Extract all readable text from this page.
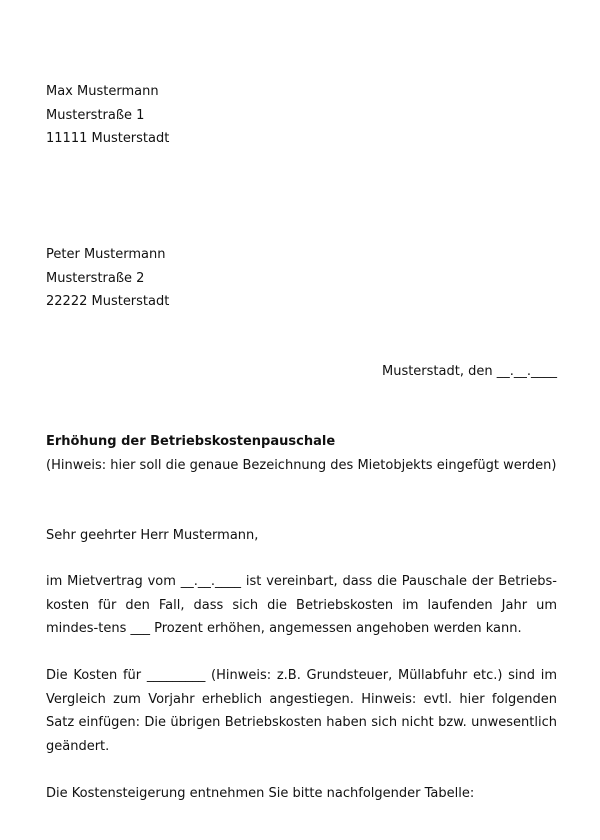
Max Mustermann
Musterstraße 1
11111 Musterstadt
Peter Mustermann
Musterstraße 2
22222 Musterstadt
Musterstadt, den __.__.____
Erhöhung der Betriebskostenpauschale
(Hinweis: hier soll die genaue Bezeichnung des Mietobjekts eingefügt werden)
Sehr geehrter Herr Mustermann,
im Mietvertrag vom __.__.____ ist vereinbart, dass die Pauschale der Betriebs-kosten für den Fall, dass sich die Betriebskosten im laufenden Jahr um mindes-tens ___ Prozent erhöhen, angemessen angehoben werden kann.
Die Kosten für _________ (Hinweis: z.B. Grundsteuer, Müllabfuhr etc.) sind im Vergleich zum Vorjahr erheblich angestiegen. Hinweis: evtl. hier folgenden Satz einfügen: Die übrigen Betriebskosten haben sich nicht bzw. unwesentlich geändert.
Die Kostensteigerung entnehmen Sie bitte nachfolgender Tabelle:
